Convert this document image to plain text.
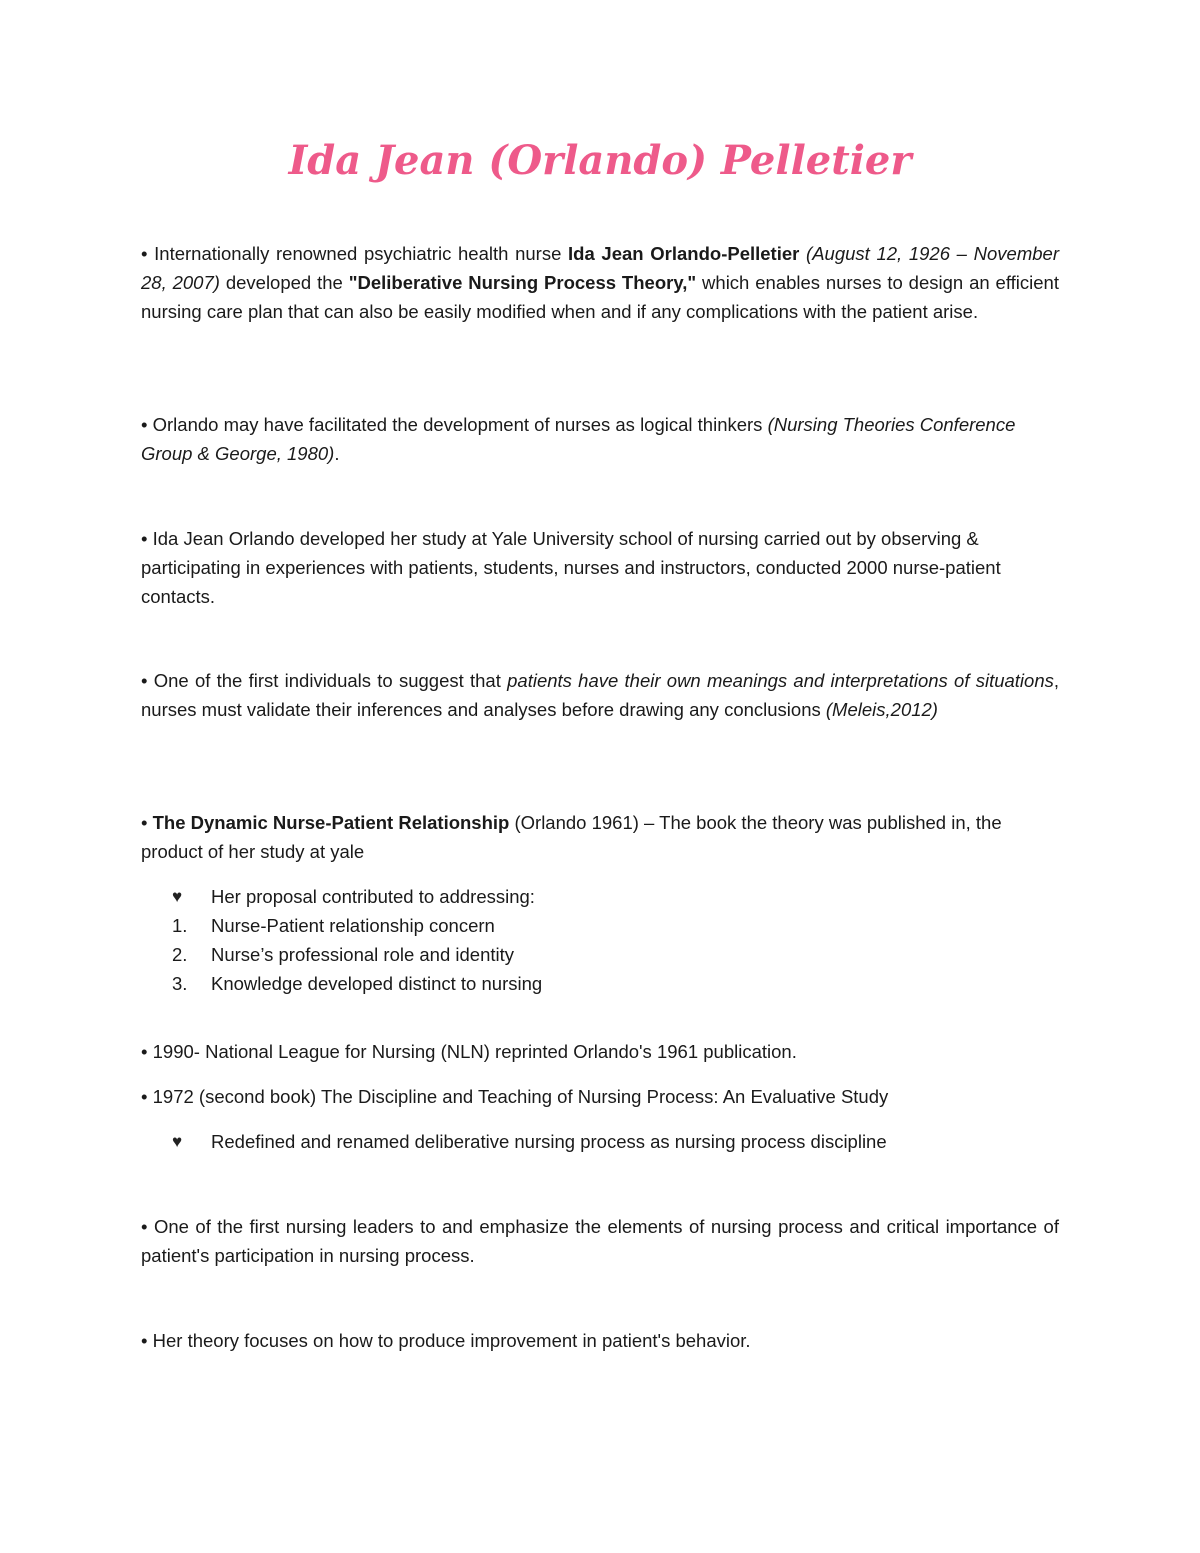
Ida Jean (Orlando) Pelletier
• Internationally renowned psychiatric health nurse Ida Jean Orlando-Pelletier (August 12, 1926 – November 28, 2007) developed the "Deliberative Nursing Process Theory," which enables nurses to design an efficient nursing care plan that can also be easily modified when and if any complications with the patient arise.
• Orlando may have facilitated the development of nurses as logical thinkers (Nursing Theories Conference Group & George, 1980).
• Ida Jean Orlando developed her study at Yale University school of nursing carried out by observing & participating in experiences with patients, students, nurses and instructors, conducted 2000 nurse-patient contacts.
• One of the first individuals to suggest that patients have their own meanings and interpretations of situations, nurses must validate their inferences and analyses before drawing any conclusions (Meleis,2012)
• The Dynamic Nurse-Patient Relationship (Orlando 1961) – The book the theory was published in, the product of her study at yale
♥	Her proposal contributed to addressing:
1.	Nurse-Patient relationship concern
2.	Nurse’s professional role and identity
3.	Knowledge developed distinct to nursing
• 1990- National League for Nursing (NLN) reprinted Orlando's 1961 publication.
• 1972 (second book) The Discipline and Teaching of Nursing Process: An Evaluative Study
♥	Redefined and renamed deliberative nursing process as nursing process discipline
• One of the first nursing leaders to and emphasize the elements of nursing process and critical importance of patient's participation in nursing process.
• Her theory focuses on how to produce improvement in patient's behavior.
